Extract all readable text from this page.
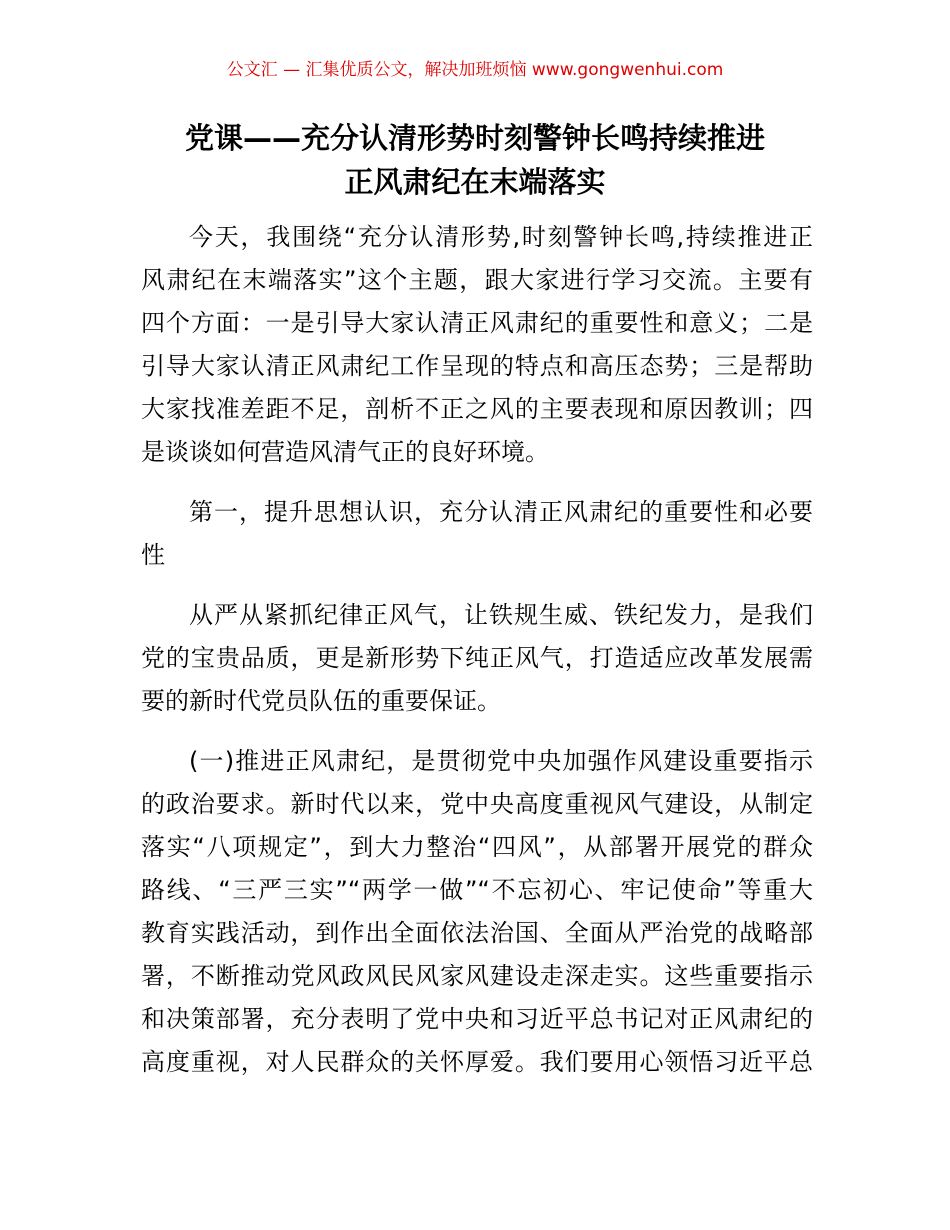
公文汇 — 汇集优质公文，解决加班烦恼 www.gongwenhui.com
党课——充分认清形势时刻警钟长鸣持续推进
正风肃纪在末端落实

今天，我围绕“充分认清形势,时刻警钟长鸣,持续推进正
风肃纪在末端落实”这个主题，跟大家进行学习交流。主要有
四个方面：一是引导大家认清正风肃纪的重要性和意义；二是
引导大家认清正风肃纪工作呈现的特点和高压态势；三是帮助
大家找准差距不足，剖析不正之风的主要表现和原因教训；四
是谈谈如何营造风清气正的良好环境。

第一，提升思想认识，充分认清正风肃纪的重要性和必要
性

从严从紧抓纪律正风气，让铁规生威、铁纪发力，是我们
党的宝贵品质，更是新形势下纯正风气，打造适应改革发展需
要的新时代党员队伍的重要保证。

(一)推进正风肃纪，是贯彻党中央加强作风建设重要指示
的政治要求。新时代以来，党中央高度重视风气建设，从制定
落实“八项规定”，到大力整治“四风”，从部署开展党的群众
路线、“三严三实”“两学一做”“不忘初心、牢记使命”等重大
教育实践活动，到作出全面依法治国、全面从严治党的战略部
署，不断推动党风政风民风家风建设走深走实。这些重要指示
和决策部署，充分表明了党中央和习近平总书记对正风肃纪的
高度重视，对人民群众的关怀厚爱。我们要用心领悟习近平总
